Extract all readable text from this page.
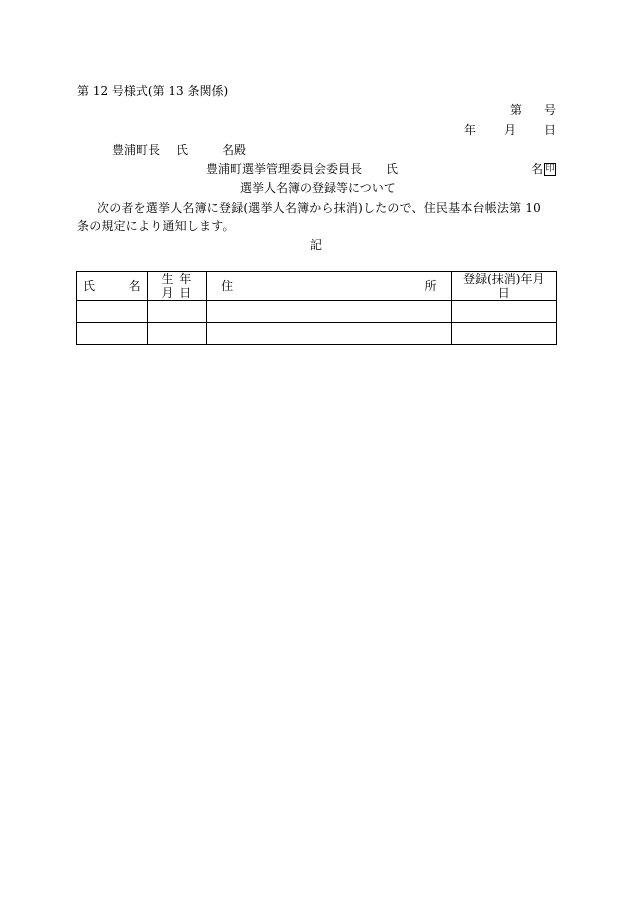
第 12 号様式(第 13 条関係)
第 号
年 月 日
豊浦町長 氏	名殿
豊浦町選挙管理委員会委員長 氏	名 印
選挙人名簿の登録等について
次の者を選挙人名簿に登録(選挙人名簿から抹消)したので、住民基本台帳法第 10 条の規定により通知します。
記
氏 名	生 年 月 日	住 所	登録(抹消)年月日
